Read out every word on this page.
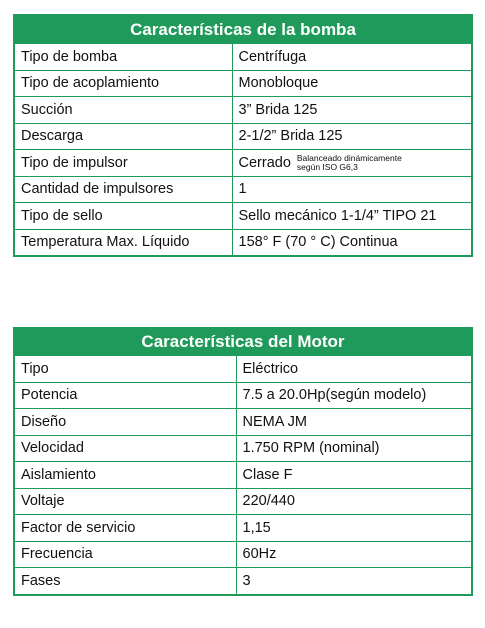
Características de la bomba	
Tipo de bomba	Centrífuga
Tipo de acoplamiento	Monobloque
Succión	3” Brida 125
Descarga	2-1/2” Brida 125
Tipo de impulsor	Cerrado Balanceado dinámicamente
según ISO G6,3
Cantidad de impulsores	1
Tipo de sello	Sello mecánico 1-1/4” TIPO 21
Temperatura Max. Líquido	158° F (70 ° C) Continua
Características del Motor	
Tipo	Eléctrico
Potencia	7.5 a 20.0Hp(según modelo)
Diseño	NEMA JM
Velocidad	1.750 RPM (nominal)
Aislamiento	Clase F
Voltaje	220/440
Factor de servicio	1,15
Frecuencia	60Hz
Fases	3
